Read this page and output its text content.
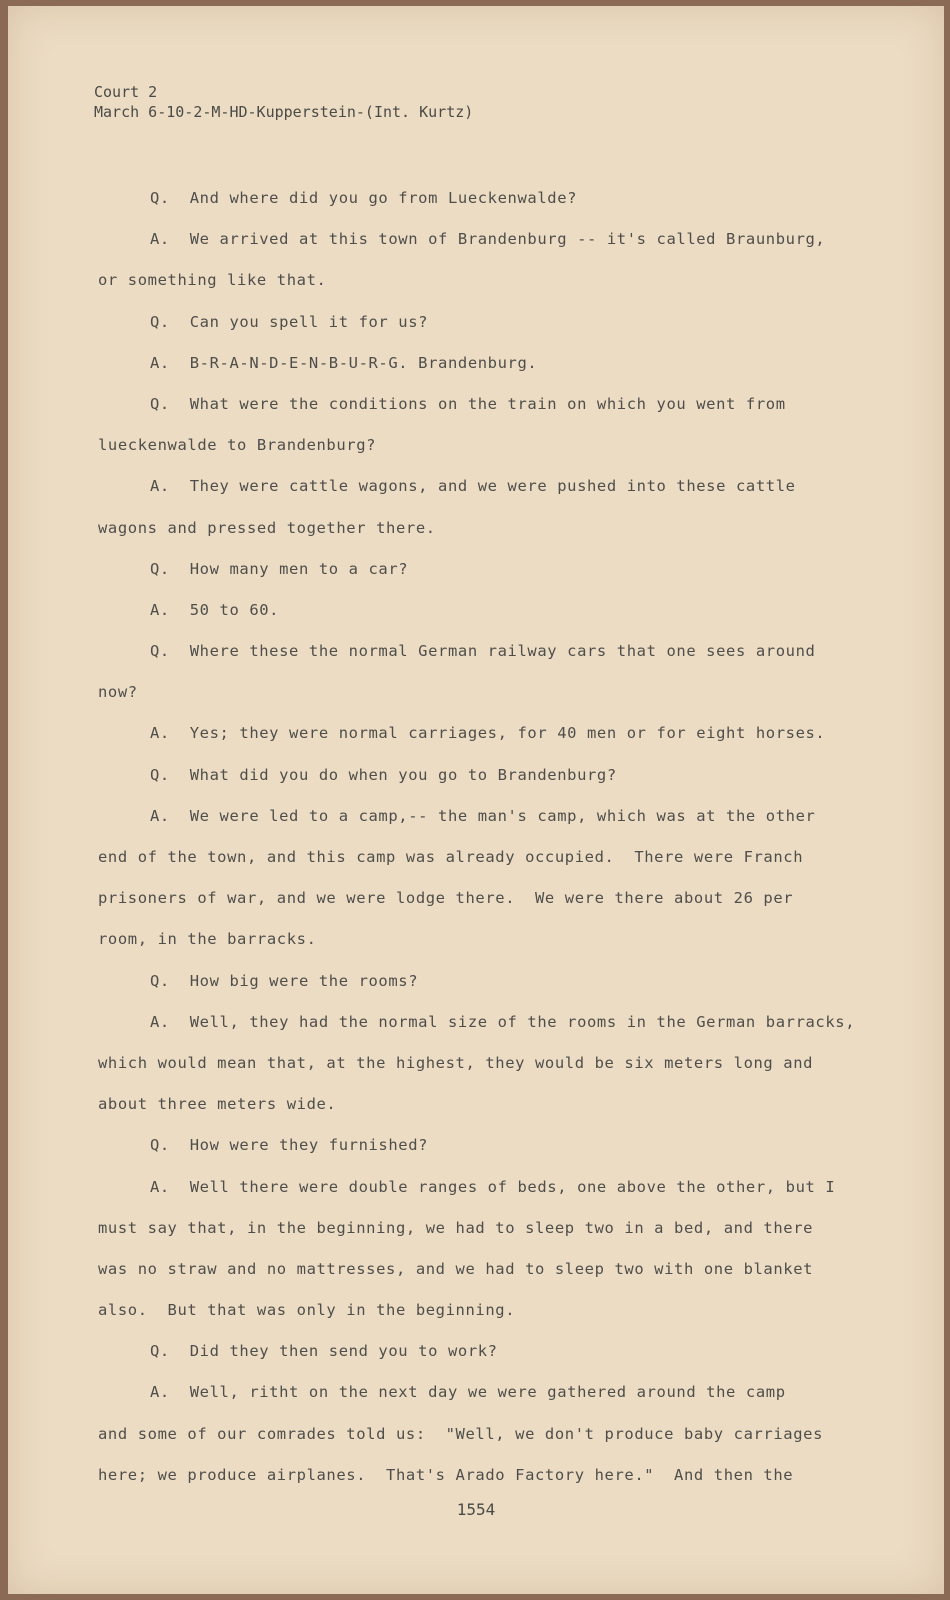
Court 2
March 6-10-2-M-HD-Kupperstein-(Int. Kurtz)
Q.  And where did you go from Lueckenwalde?
A.  We arrived at this town of Brandenburg -- it's called Braunburg,
or something like that.
Q.  Can you spell it for us?
A.  B-R-A-N-D-E-N-B-U-R-G. Brandenburg.
Q.  What were the conditions on the train on which you went from
lueckenwalde to Brandenburg?
A.  They were cattle wagons, and we were pushed into these cattle
wagons and pressed together there.
Q.  How many men to a car?
A.  50 to 60.
Q.  Where these the normal German railway cars that one sees around
now?
A.  Yes; they were normal carriages, for 40 men or for eight horses.
Q.  What did you do when you go to Brandenburg?
A.  We were led to a camp,-- the man's camp, which was at the other
end of the town, and this camp was already occupied.  There were Franch
prisoners of war, and we were lodge there.  We were there about 26 per
room, in the barracks.
Q.  How big were the rooms?
A.  Well, they had the normal size of the rooms in the German barracks,
which would mean that, at the highest, they would be six meters long and
about three meters wide.
Q.  How were they furnished?
A.  Well there were double ranges of beds, one above the other, but I
must say that, in the beginning, we had to sleep two in a bed, and there
was no straw and no mattresses, and we had to sleep two with one blanket
also.  But that was only in the beginning.
Q.  Did they then send you to work?
A.  Well, ritht on the next day we were gathered around the camp
and some of our comrades told us:  "Well, we don't produce baby carriages
here; we produce airplanes.  That's Arado Factory here."  And then the
1554
